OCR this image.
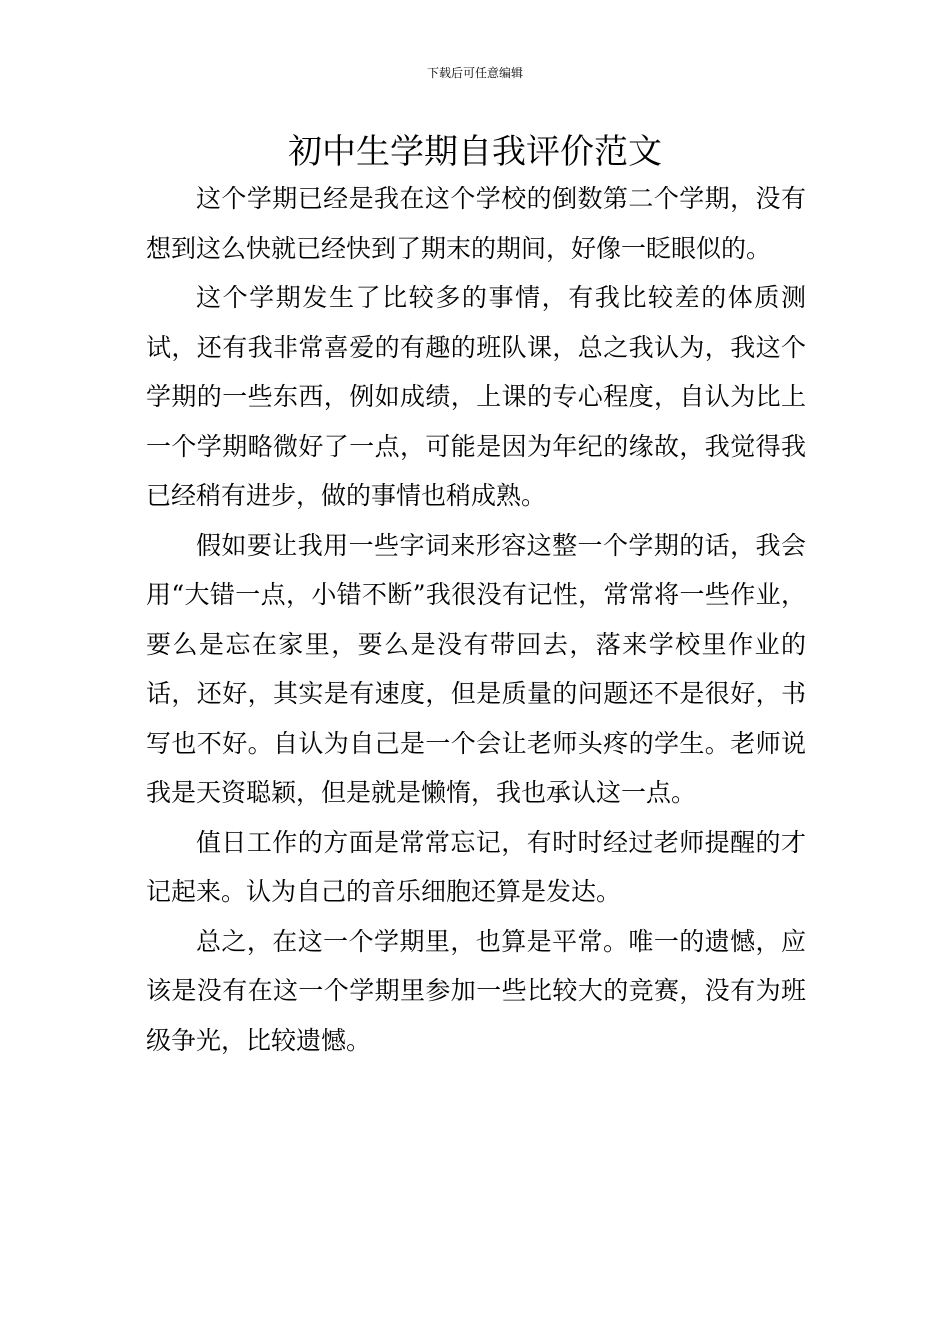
下载后可任意编辑
初中生学期自我评价范文

这个学期已经是我在这个学校的倒数第二个学期，没有想到这么快就已经快到了期末的期间，好像一眨眼似的。

这个学期发生了比较多的事情，有我比较差的体质测试，还有我非常喜爱的有趣的班队课，总之我认为，我这个学期的一些东西，例如成绩，上课的专心程度，自认为比上一个学期略微好了一点，可能是因为年纪的缘故，我觉得我已经稍有进步，做的事情也稍成熟。

假如要让我用一些字词来形容这整一个学期的话，我会用“大错一点，小错不断”我很没有记性，常常将一些作业，要么是忘在家里，要么是没有带回去，落来学校里作业的话，还好，其实是有速度，但是质量的问题还不是很好，书写也不好。自认为自己是一个会让老师头疼的学生。老师说我是天资聪颖，但是就是懒惰，我也承认这一点。

值日工作的方面是常常忘记，有时时经过老师提醒的才记起来。认为自己的音乐细胞还算是发达。

总之，在这一个学期里，也算是平常。唯一的遗憾，应该是没有在这一个学期里参加一些比较大的竞赛，没有为班级争光，比较遗憾。
